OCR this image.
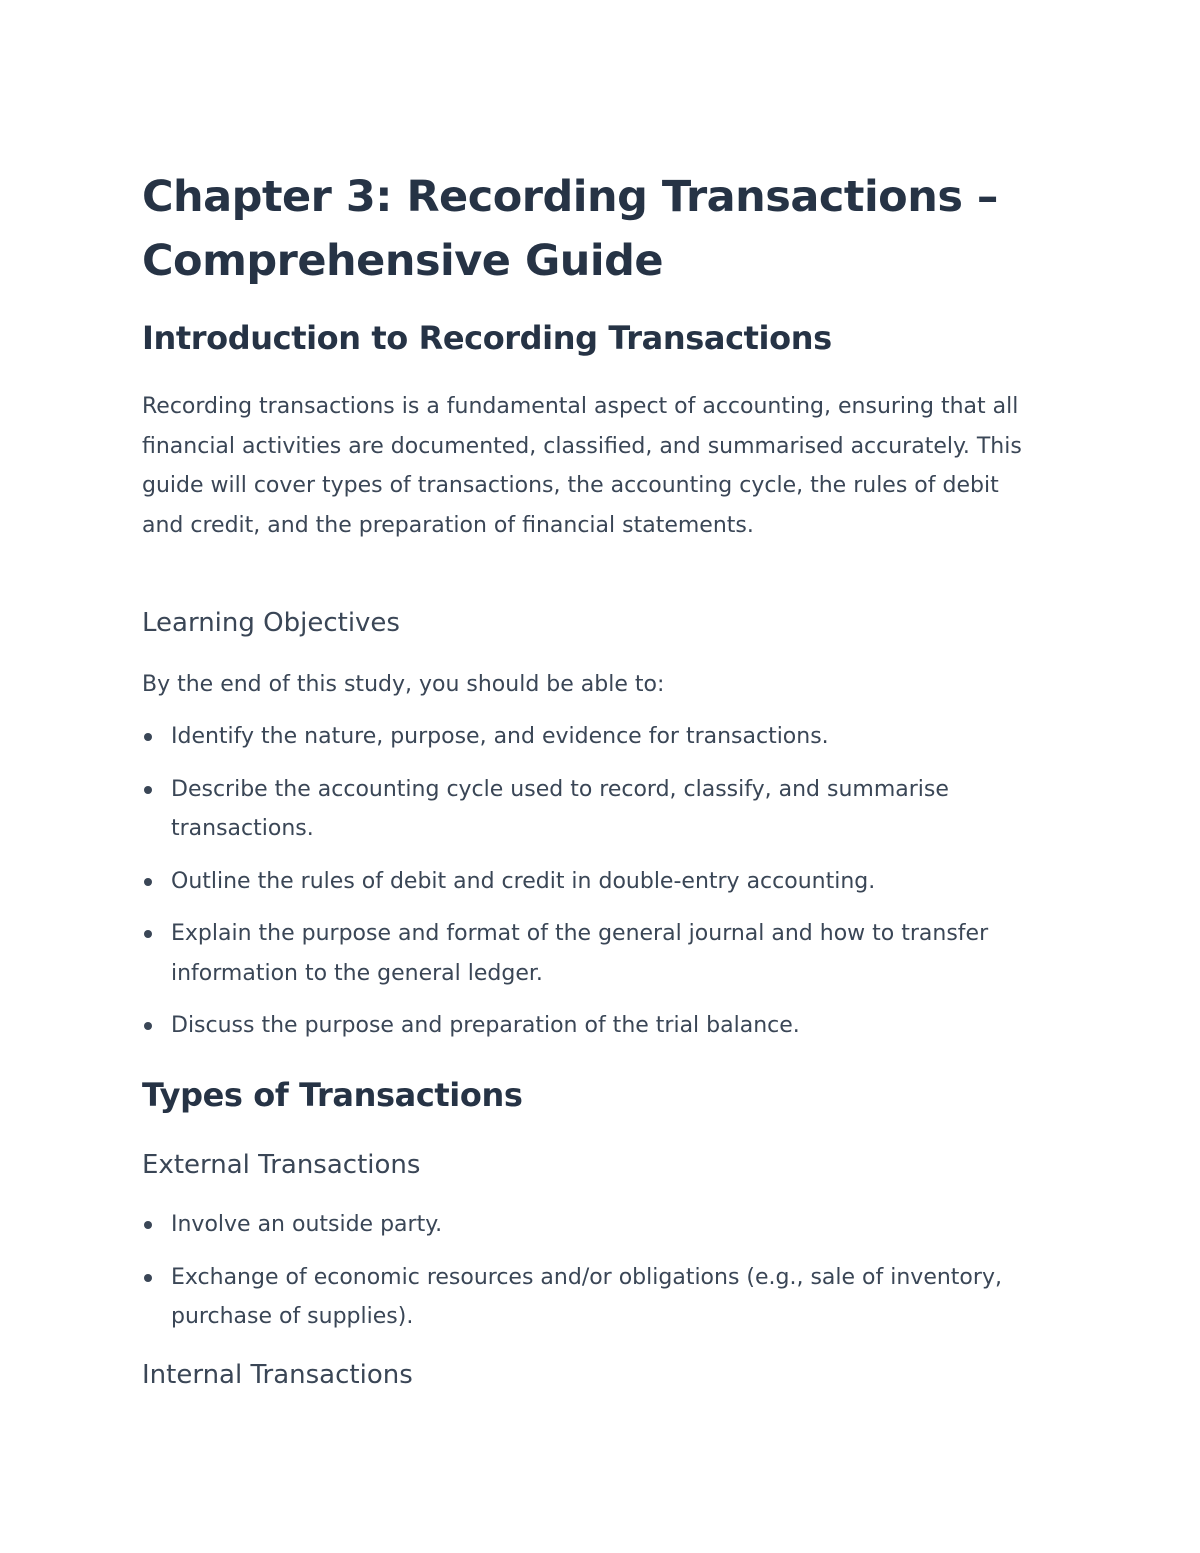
Chapter 3: Recording Transactions – Comprehensive Guide
Introduction to Recording Transactions

Recording transactions is a fundamental aspect of accounting, ensuring that all financial activities are documented, classified, and summarised accurately. This guide will cover types of transactions, the accounting cycle, the rules of debit and credit, and the preparation of financial statements.

Learning Objectives

By the end of this study, you should be able to:

Identify the nature, purpose, and evidence for transactions.
Describe the accounting cycle used to record, classify, and summarise transactions.
Outline the rules of debit and credit in double-entry accounting.
Explain the purpose and format of the general journal and how to transfer information to the general ledger.
Discuss the purpose and preparation of the trial balance.
Types of Transactions
External Transactions
Involve an outside party.
Exchange of economic resources and/or obligations (e.g., sale of inventory, purchase of supplies).
Internal Transactions
